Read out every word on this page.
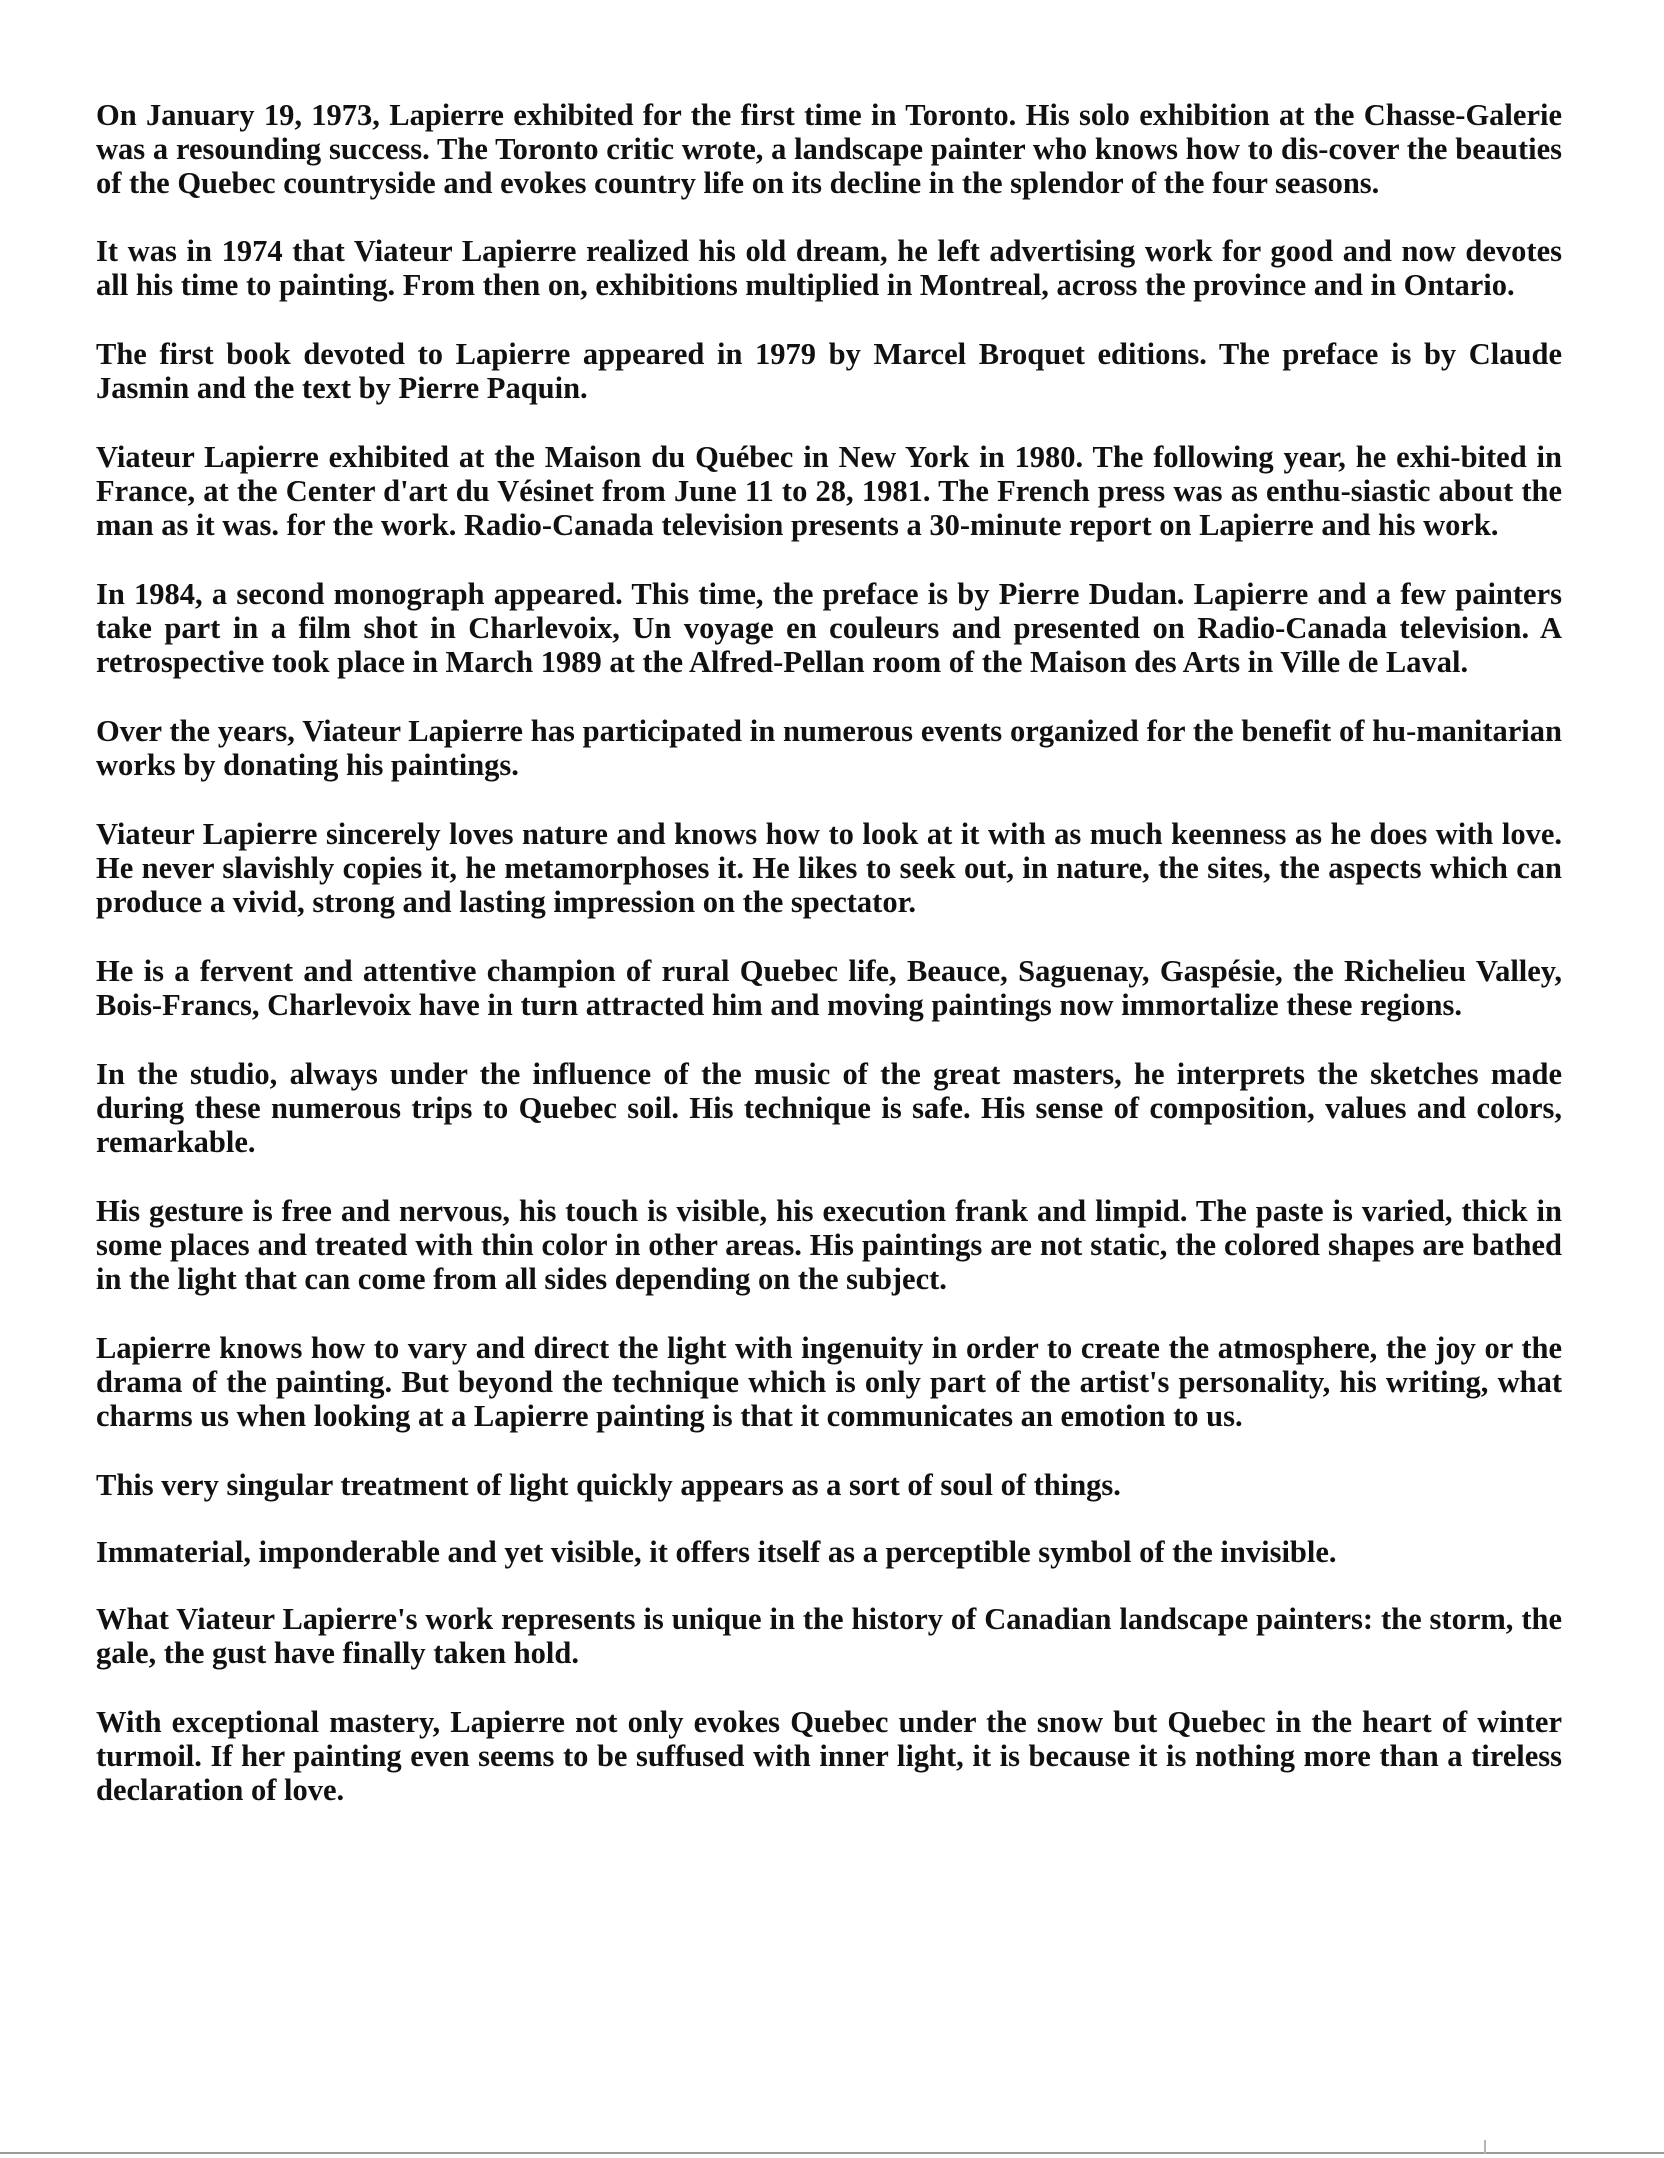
On January 19, 1973, Lapierre exhibited for the first time in Toronto. His solo exhibition at the Chasse-Galerie was a resounding success. The Toronto critic wrote, a landscape painter who knows how to dis-cover the beauties of the Quebec countryside and evokes country life on its decline in the splendor of the four seasons.

It was in 1974 that Viateur Lapierre realized his old dream, he left advertising work for good and now devotes all his time to painting. From then on, exhibitions multiplied in Montreal, across the province and in Ontario.

The first book devoted to Lapierre appeared in 1979 by Marcel Broquet editions. The preface is by Claude Jasmin and the text by Pierre Paquin.

Viateur Lapierre exhibited at the Maison du Québec in New York in 1980. The following year, he exhi-bited in France, at the Center d'art du Vésinet from June 11 to 28, 1981. The French press was as enthu-siastic about the man as it was. for the work. Radio-Canada television presents a 30-minute report on Lapierre and his work.

In 1984, a second monograph appeared. This time, the preface is by Pierre Dudan. Lapierre and a few painters take part in a film shot in Charlevoix, Un voyage en couleurs and presented on Radio-Canada television. A retrospective took place in March 1989 at the Alfred-Pellan room of the Maison des Arts in Ville de Laval.

Over the years, Viateur Lapierre has participated in numerous events organized for the benefit of hu-manitarian works by donating his paintings.

Viateur Lapierre sincerely loves nature and knows how to look at it with as much keenness as he does with love. He never slavishly copies it, he metamorphoses it. He likes to seek out, in nature, the sites, the aspects which can produce a vivid, strong and lasting impression on the spectator.

He is a fervent and attentive champion of rural Quebec life, Beauce, Saguenay, Gaspésie, the Richelieu Valley, Bois-Francs, Charlevoix have in turn attracted him and moving paintings now immortalize these regions.

In the studio, always under the influence of the music of the great masters, he interprets the sketches made during these numerous trips to Quebec soil. His technique is safe. His sense of composition, values and colors, remarkable.

His gesture is free and nervous, his touch is visible, his execution frank and limpid. The paste is varied, thick in some places and treated with thin color in other areas. His paintings are not static, the colored shapes are bathed in the light that can come from all sides depending on the subject.

Lapierre knows how to vary and direct the light with ingenuity in order to create the atmosphere, the joy or the drama of the painting. But beyond the technique which is only part of the artist's personality, his writing, what charms us when looking at a Lapierre painting is that it communicates an emotion to us.

This very singular treatment of light quickly appears as a sort of soul of things.

Immaterial, imponderable and yet visible, it offers itself as a perceptible symbol of the invisible.

What Viateur Lapierre's work represents is unique in the history of Canadian landscape painters: the storm, the gale, the gust have finally taken hold.

With exceptional mastery, Lapierre not only evokes Quebec under the snow but Quebec in the heart of winter turmoil. If her painting even seems to be suffused with inner light, it is because it is nothing more than a tireless declaration of love.
